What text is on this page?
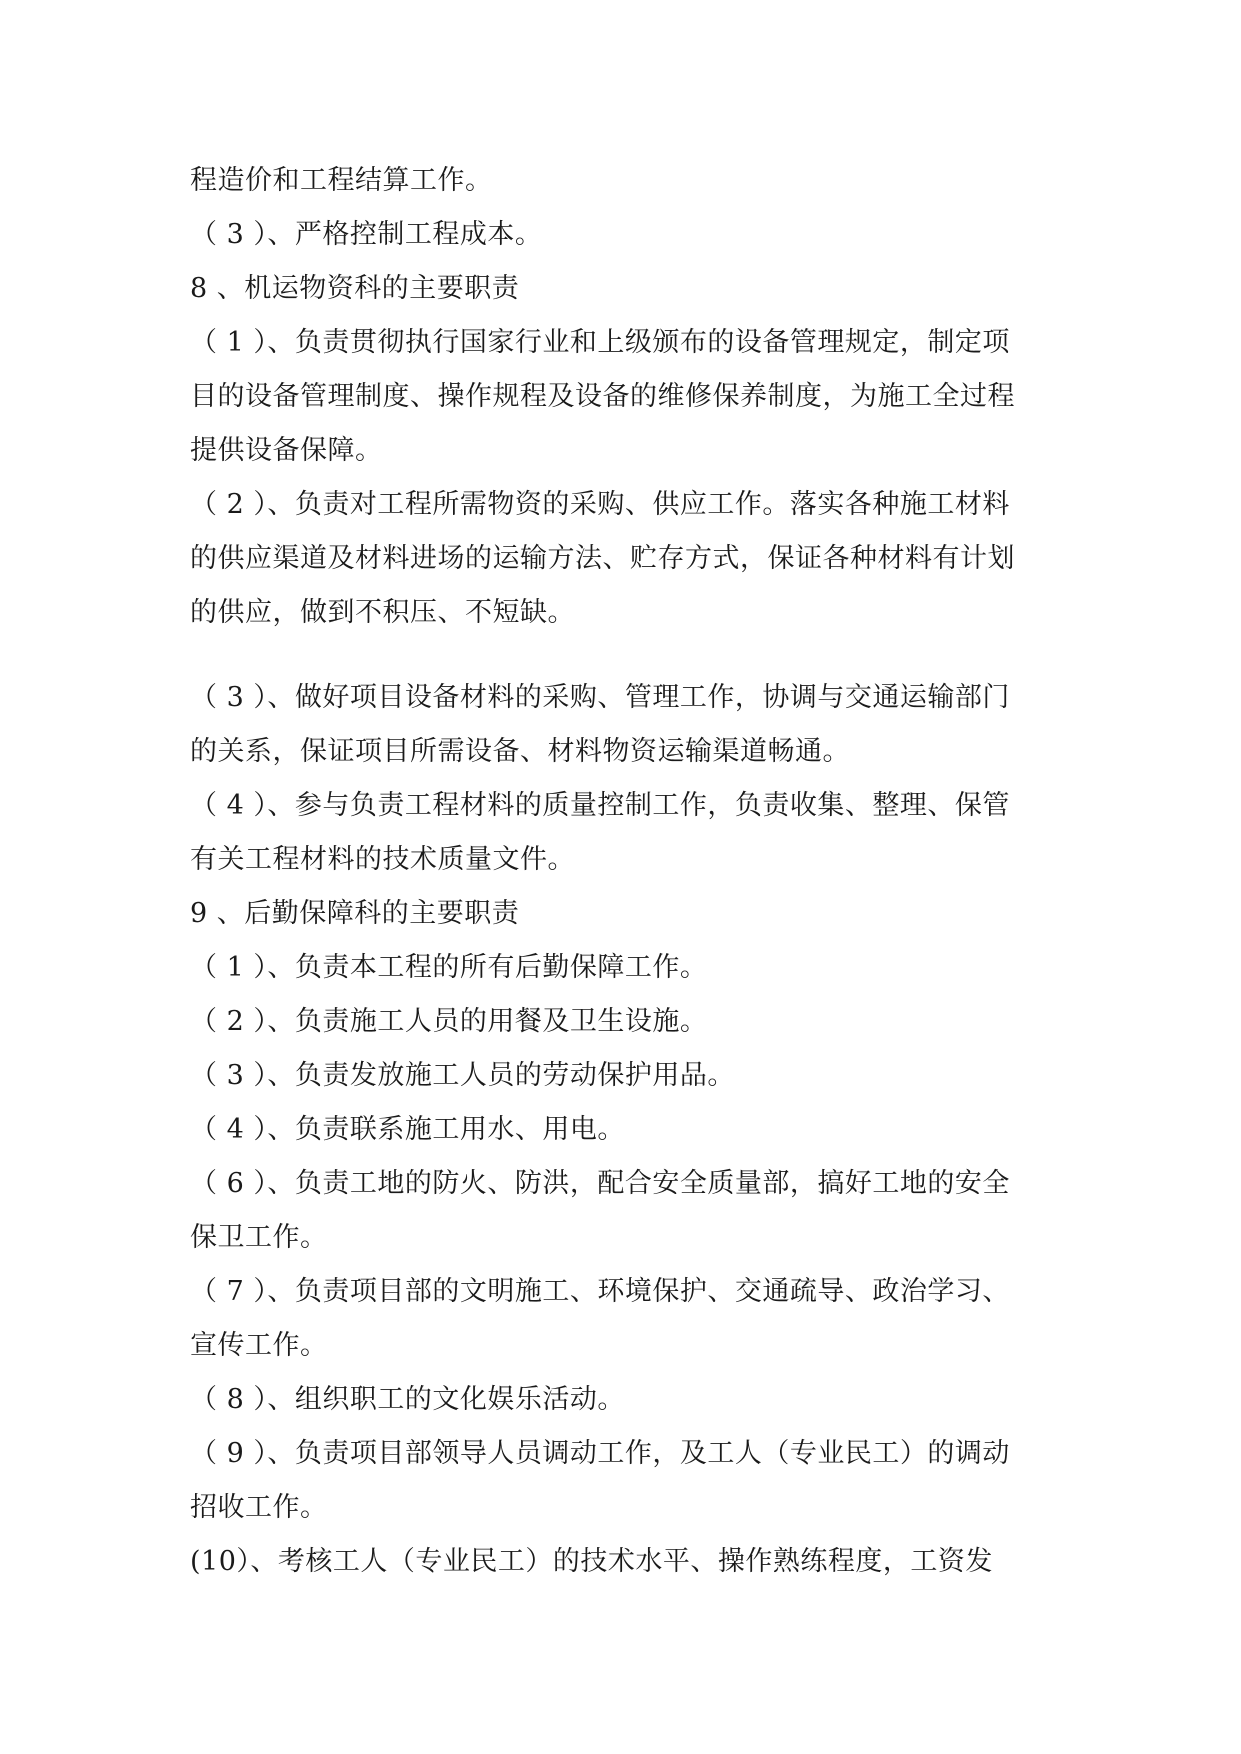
程造价和工程结算工作。
（ 3 ）、严格控制工程成本。
8 、机运物资科的主要职责
（ 1 ）、负责贯彻执行国家行业和上级颁布的设备管理规定，制定项
目的设备管理制度、操作规程及设备的维修保养制度，为施工全过程
提供设备保障。
（ 2 ）、负责对工程所需物资的采购、供应工作。落实各种施工材料
的供应渠道及材料进场的运输方法、贮存方式，保证各种材料有计划
的供应，做到不积压、不短缺。
（ 3 ）、做好项目设备材料的采购、管理工作，协调与交通运输部门
的关系，保证项目所需设备、材料物资运输渠道畅通。
（ 4 ）、参与负责工程材料的质量控制工作，负责收集、整理、保管
有关工程材料的技术质量文件。
9 、后勤保障科的主要职责
（ 1 ）、负责本工程的所有后勤保障工作。
（ 2 ）、负责施工人员的用餐及卫生设施。
（ 3 ）、负责发放施工人员的劳动保护用品。
（ 4 ）、负责联系施工用水、用电。
（ 6 ）、负责工地的防火、防洪，配合安全质量部，搞好工地的安全
保卫工作。
（ 7 ）、负责项目部的文明施工、环境保护、交通疏导、政治学习、
宣传工作。
（ 8 ）、组织职工的文化娱乐活动。
（ 9 ）、负责项目部领导人员调动工作，及工人（专业民工）的调动
招收工作。
(10）、考核工人（专业民工）的技术水平、操作熟练程度，工资发
